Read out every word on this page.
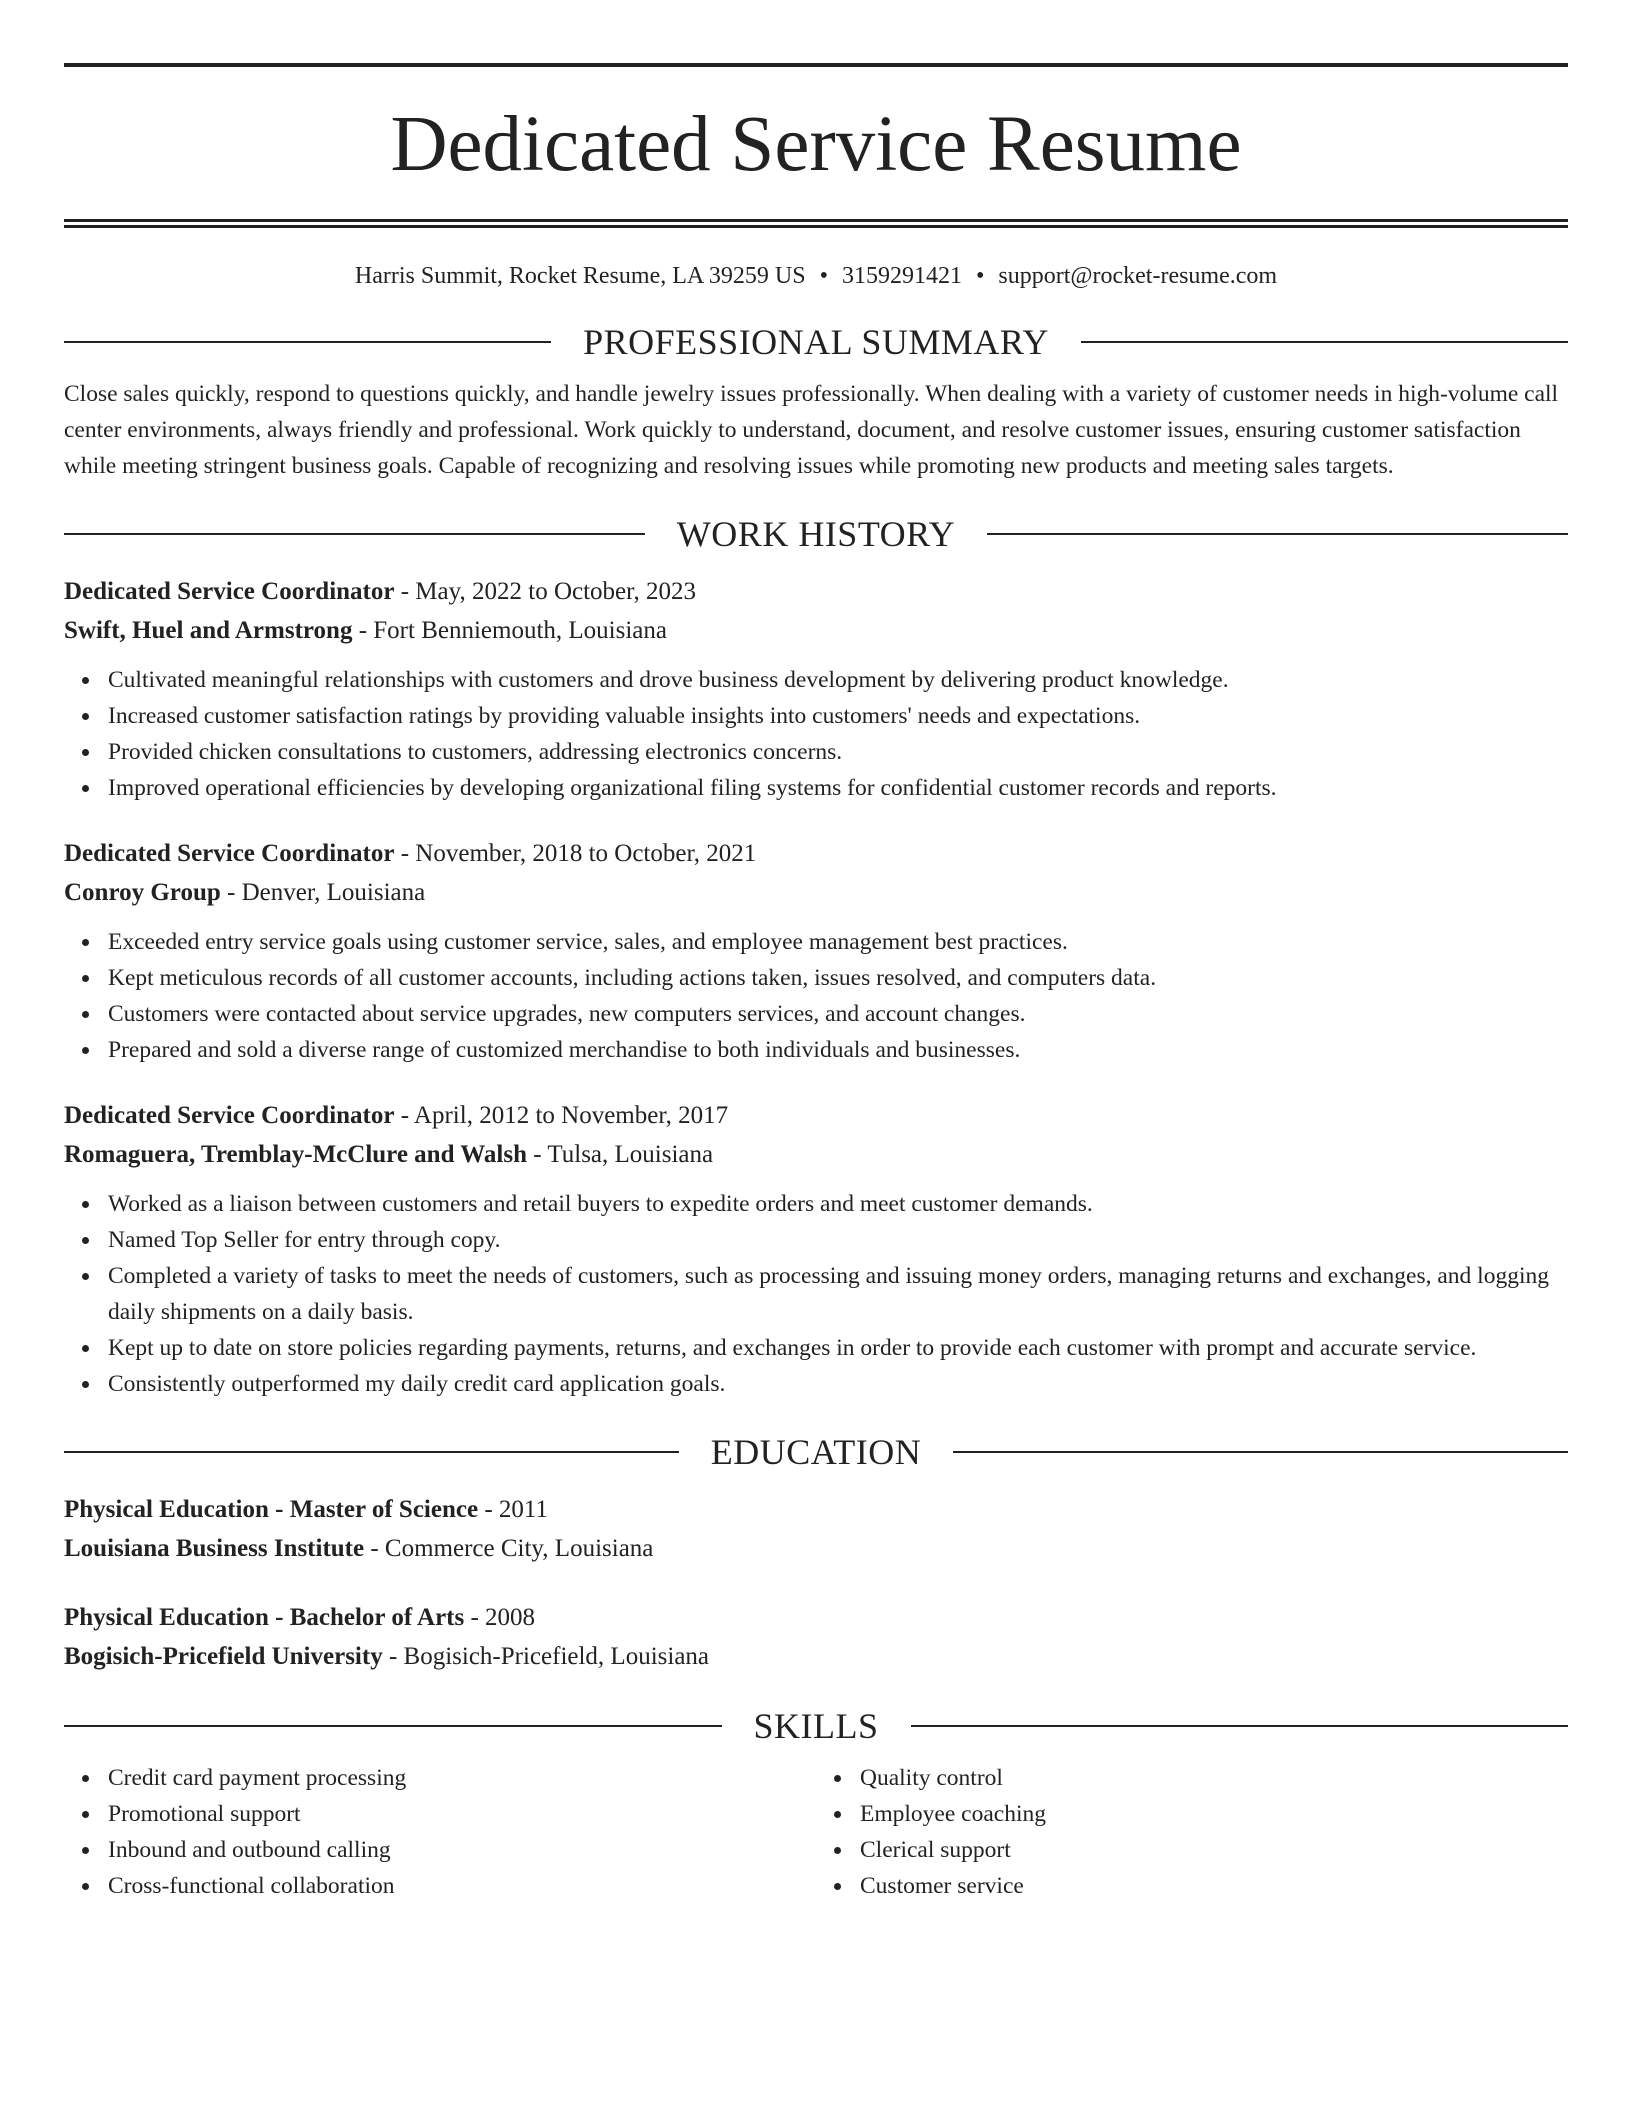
Dedicated Service Resume
Harris Summit, Rocket Resume, LA 39259 US • 3159291421 • support@rocket-resume.com
PROFESSIONAL SUMMARY

Close sales quickly, respond to questions quickly, and handle jewelry issues professionally. When dealing with a variety of customer needs in high-volume call center environments, always friendly and professional. Work quickly to understand, document, and resolve customer issues, ensuring customer satisfaction while meeting stringent business goals. Capable of recognizing and resolving issues while promoting new products and meeting sales targets.

WORK HISTORY
Dedicated Service Coordinator - May, 2022 to October, 2023
Swift, Huel and Armstrong - Fort Benniemouth, Louisiana
Cultivated meaningful relationships with customers and drove business development by delivering product knowledge.
Increased customer satisfaction ratings by providing valuable insights into customers' needs and expectations.
Provided chicken consultations to customers, addressing electronics concerns.
Improved operational efficiencies by developing organizational filing systems for confidential customer records and reports.
Dedicated Service Coordinator - November, 2018 to October, 2021
Conroy Group - Denver, Louisiana
Exceeded entry service goals using customer service, sales, and employee management best practices.
Kept meticulous records of all customer accounts, including actions taken, issues resolved, and computers data.
Customers were contacted about service upgrades, new computers services, and account changes.
Prepared and sold a diverse range of customized merchandise to both individuals and businesses.
Dedicated Service Coordinator - April, 2012 to November, 2017
Romaguera, Tremblay-McClure and Walsh - Tulsa, Louisiana
Worked as a liaison between customers and retail buyers to expedite orders and meet customer demands.
Named Top Seller for entry through copy.
Completed a variety of tasks to meet the needs of customers, such as processing and issuing money orders, managing returns and exchanges, and logging daily shipments on a daily basis.
Kept up to date on store policies regarding payments, returns, and exchanges in order to provide each customer with prompt and accurate service.
Consistently outperformed my daily credit card application goals.
EDUCATION
Physical Education - Master of Science - 2011
Louisiana Business Institute - Commerce City, Louisiana
Physical Education - Bachelor of Arts - 2008
Bogisich-Pricefield University - Bogisich-Pricefield, Louisiana
SKILLS
Credit card payment processing
Promotional support
Inbound and outbound calling
Cross-functional collaboration
Quality control
Employee coaching
Clerical support
Customer service
